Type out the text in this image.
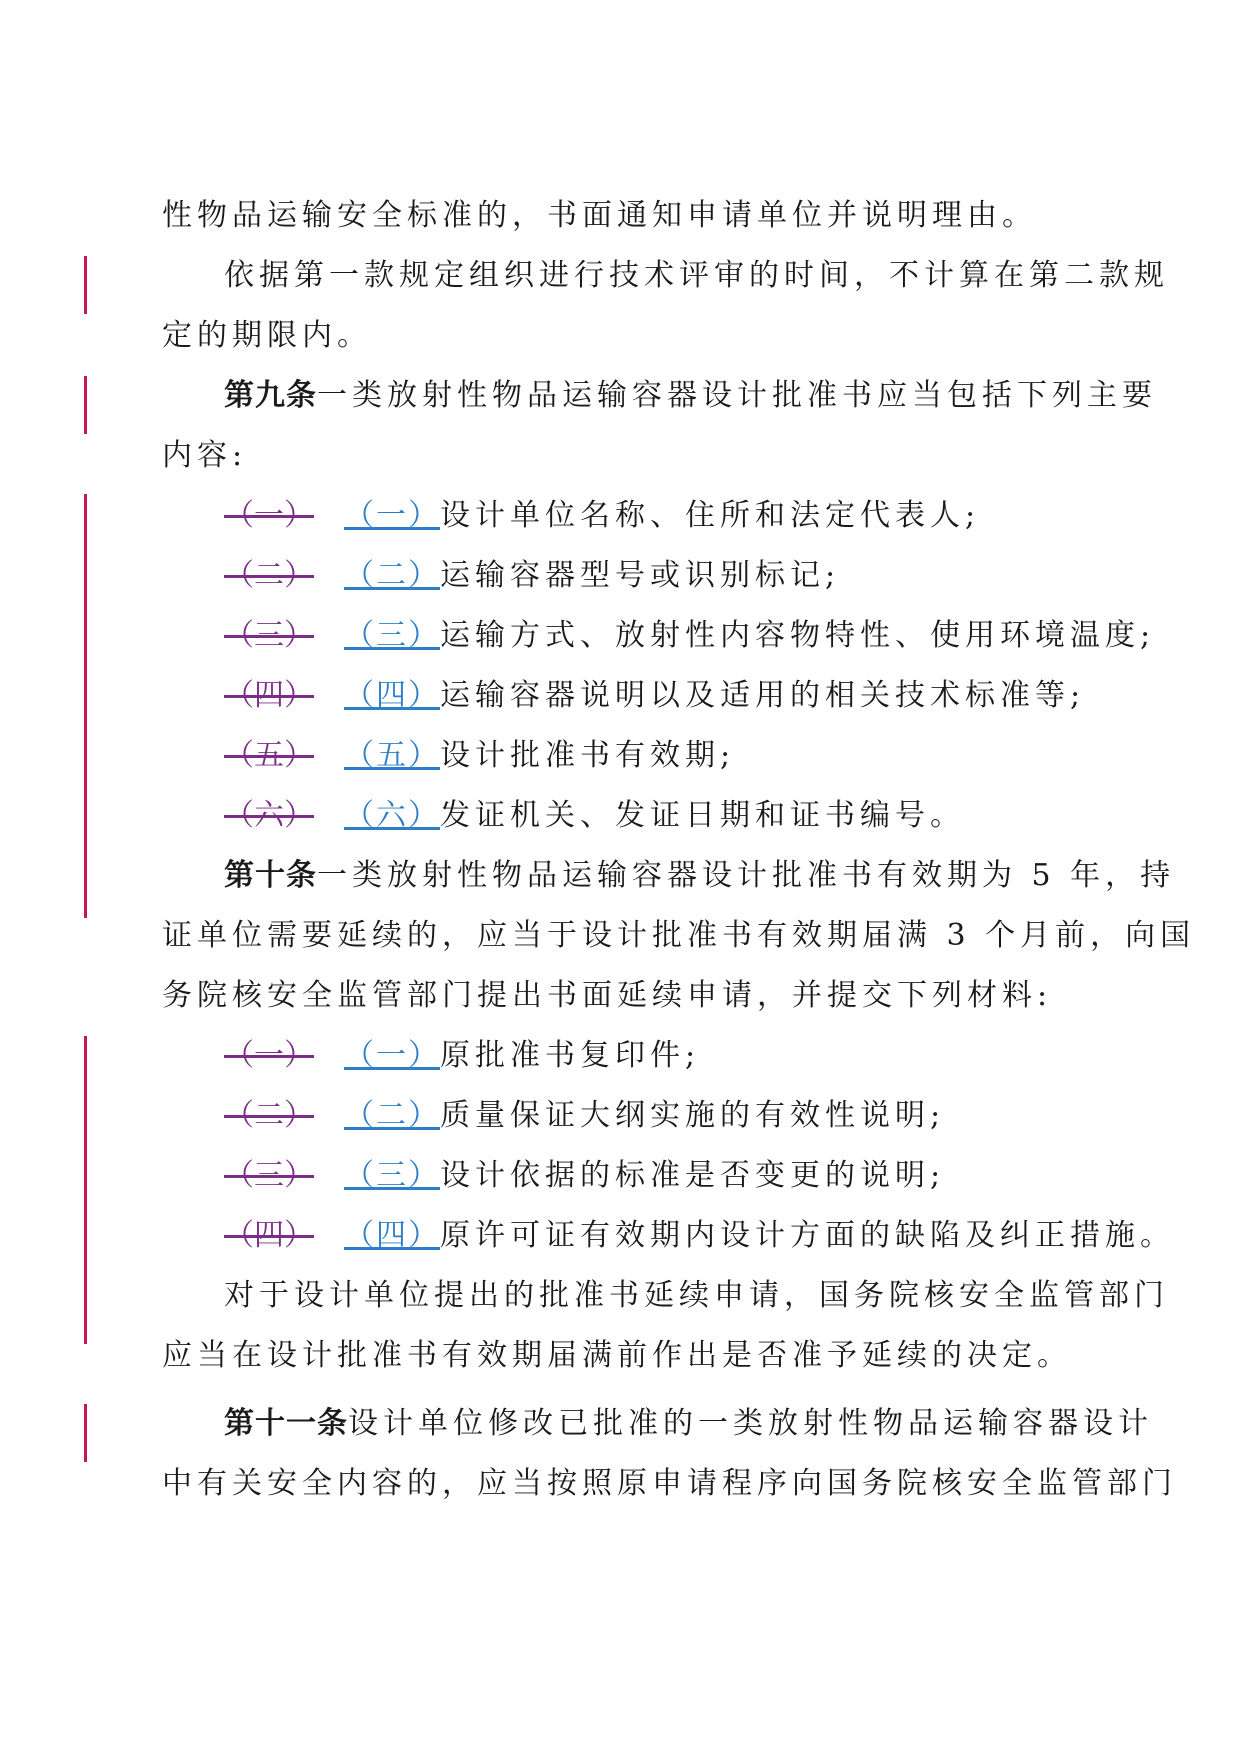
性物品运输安全标准的，书面通知申请单位并说明理由。
依据第一款规定组织进行技术评审的时间，不计算在第二款规
定的期限内。
第九条一类放射性物品运输容器设计批准书应当包括下列主要
内容:
（一） （一）设计单位名称、住所和法定代表人;
（二） （二）运输容器型号或识别标记;
（三） （三）运输方式、放射性内容物特性、使用环境温度;
（四） （四）运输容器说明以及适用的相关技术标准等;
（五） （五）设计批准书有效期;
（六） （六）发证机关、发证日期和证书编号。
第十条一类放射性物品运输容器设计批准书有效期为 5 年，持
证单位需要延续的，应当于设计批准书有效期届满 3 个月前，向国
务院核安全监管部门提出书面延续申请，并提交下列材料:
（一） （一）原批准书复印件;
（二） （二）质量保证大纲实施的有效性说明;
（三） （三）设计依据的标准是否变更的说明;
（四） （四）原许可证有效期内设计方面的缺陷及纠正措施。
对于设计单位提出的批准书延续申请，国务院核安全监管部门
应当在设计批准书有效期届满前作出是否准予延续的决定。
第十一条设计单位修改已批准的一类放射性物品运输容器设计
中有关安全内容的，应当按照原申请程序向国务院核安全监管部门
